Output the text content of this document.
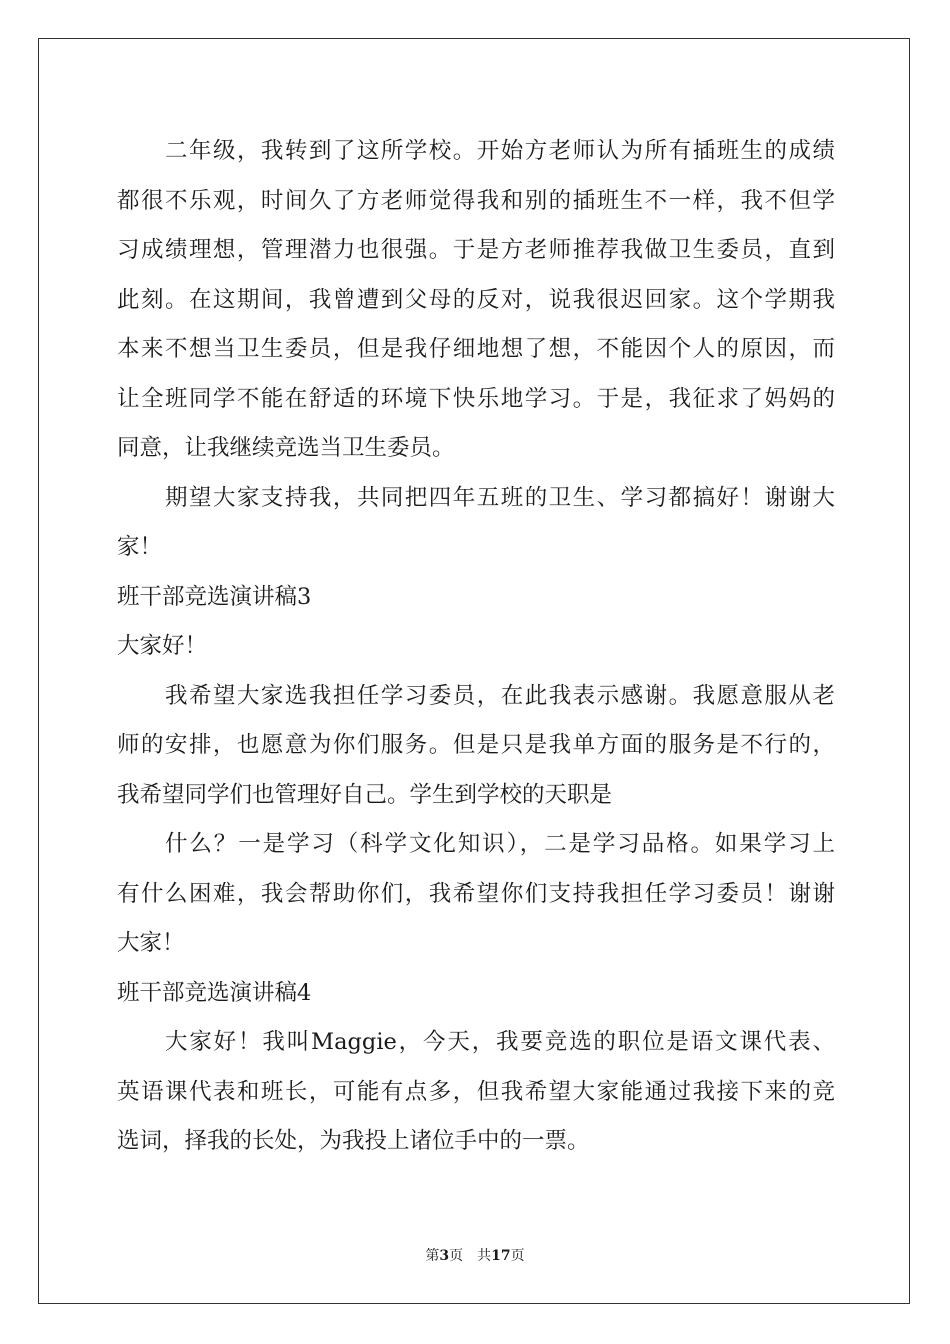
二年级，我转到了这所学校。开始方老师认为所有插班生的成绩
都很不乐观，时间久了方老师觉得我和别的插班生不一样，我不但学
习成绩理想，管理潜力也很强。于是方老师推荐我做卫生委员，直到
此刻。在这期间，我曾遭到父母的反对，说我很迟回家。这个学期我
本来不想当卫生委员，但是我仔细地想了想，不能因个人的原因，而
让全班同学不能在舒适的环境下快乐地学习。于是，我征求了妈妈的
同意，让我继续竞选当卫生委员。
期望大家支持我，共同把四年五班的卫生、学习都搞好！谢谢大
家！
班干部竞选演讲稿3
大家好！
我希望大家选我担任学习委员，在此我表示感谢。我愿意服从老
师的安排，也愿意为你们服务。但是只是我单方面的服务是不行的，
我希望同学们也管理好自己。学生到学校的天职是
什么？一是学习（科学文化知识），二是学习品格。如果学习上
有什么困难，我会帮助你们，我希望你们支持我担任学习委员！谢谢
大家！
班干部竞选演讲稿4
大家好！我叫Maggie，今天，我要竞选的职位是语文课代表、
英语课代表和班长，可能有点多，但我希望大家能通过我接下来的竞
选词，择我的长处，为我投上诸位手中的一票。
第3页 共17页
